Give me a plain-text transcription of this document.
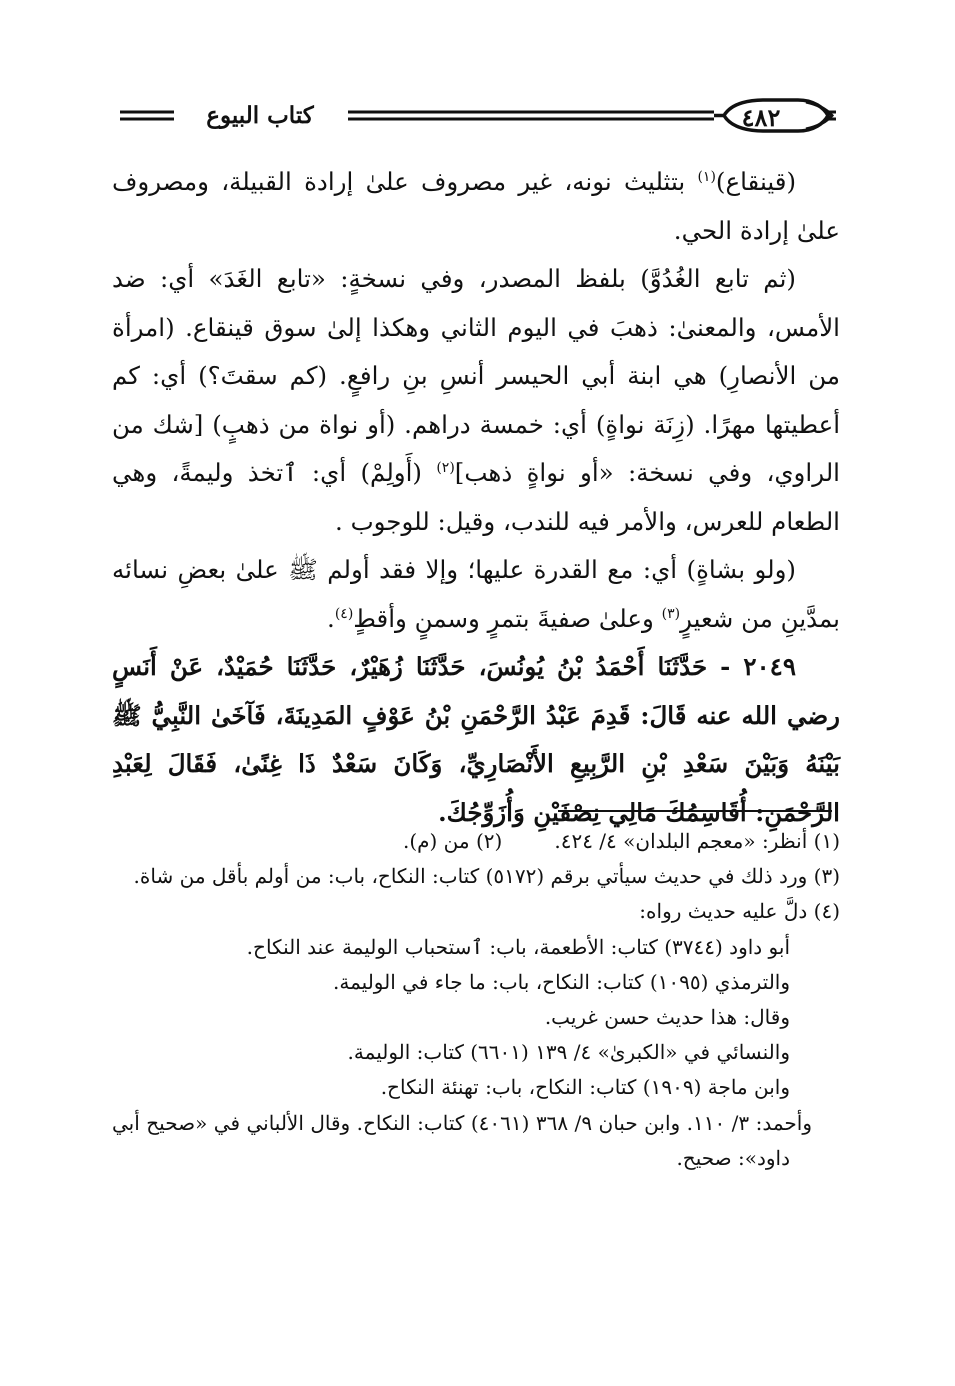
٤٨٢
كتاب البيوع

(قينقاع)$^{(١)}$ بتثليث نونه، غير مصروف علىٰ إرادة القبيلة، ومصروف علىٰ إرادة الحي.

(ثم تابع الغُدُوَّ) بلفظ المصدر، وفي نسخةٍ: «تابع الغَدَ» أي: ضد الأمس، والمعنىٰ: ذهبَ في اليوم الثاني وهكذا إلىٰ سوق قينقاع. (امرأة من الأنصارِ) هي ابنة أبي الحيسر أنسِ بنِ رافعٍ. (كم سقتَ؟) أي: كم أعطيتها مهرًا. (زِنَة نواةٍ) أي: خمسة دراهم. (أو نواة من ذهبٍ) [شك من الراوي، وفي نسخة: «أو نواةٍ ذهب]$^{(٢)}$ (أَولِمْ) أي: ٱتخذ وليمةً، وهي الطعام للعرس، والأمر فيه للندب، وقيل: للوجوب .

(ولو بشاةٍ) أي: مع القدرة عليها؛ وإلا فقد أولم ﷺ علىٰ بعضِ نسائه بمدَّينِ من شعيرٍ$^{(٣)}$ وعلىٰ صفيةَ بتمرٍ وسمنٍ وأقطٍ$^{(٤)}$.

٢٠٤٩ - حَدَّثَنَا أَحْمَدُ بْنُ يُونُسَ، حَدَّثَنَا زُهَيْرٌ، حَدَّثَنَا حُمَيْدٌ، عَنْ أَنَسٍ رضي الله عنه قَالَ: قَدِمَ عَبْدُ الرَّحْمَنِ بْنُ عَوْفٍ المَدِينَةَ، فَآخَىٰ النَّبِيُّ ﷺ بَيْنَهُ وَبَيْنَ سَعْدِ بْنِ الرَّبِيعِ الأَنْصَارِيِّ، وَكَانَ سَعْدٌ ذَا غِنًىٰ، فَقَالَ لِعَبْدِ الرَّحْمَنِ: أُقَاسِمُكَ مَالِي نِصْفَيْنِ وَأُزَوِّجُكَ.

(١) أنظر: «معجم البلدان» ٤/ ٤٢٤.(٢) من (م).

(٣) ورد ذلك في حديث سيأتي برقم (٥١٧٢) كتاب: النكاح، باب: من أولم بأقل من شاة.

(٤) دلَّ عليه حديث رواه:

أبو داود (٣٧٤٤) كتاب: الأطعمة، باب: ٱستحباب الوليمة عند النكاح.

والترمذي (١٠٩٥) كتاب: النكاح، باب: ما جاء في الوليمة.

وقال: هذا حديث حسن غريب.

والنسائي في «الكبرىٰ» ٤/ ١٣٩ (٦٦٠١) كتاب: الوليمة.

وابن ماجة (١٩٠٩) كتاب: النكاح، باب: تهنئة النكاح.

وأحمد: ٣/ ١١٠. وابن حبان ٩/ ٣٦٨ (٤٠٦١) كتاب: النكاح. وقال الألباني في «صحيح أبي داود»: صحيح.
